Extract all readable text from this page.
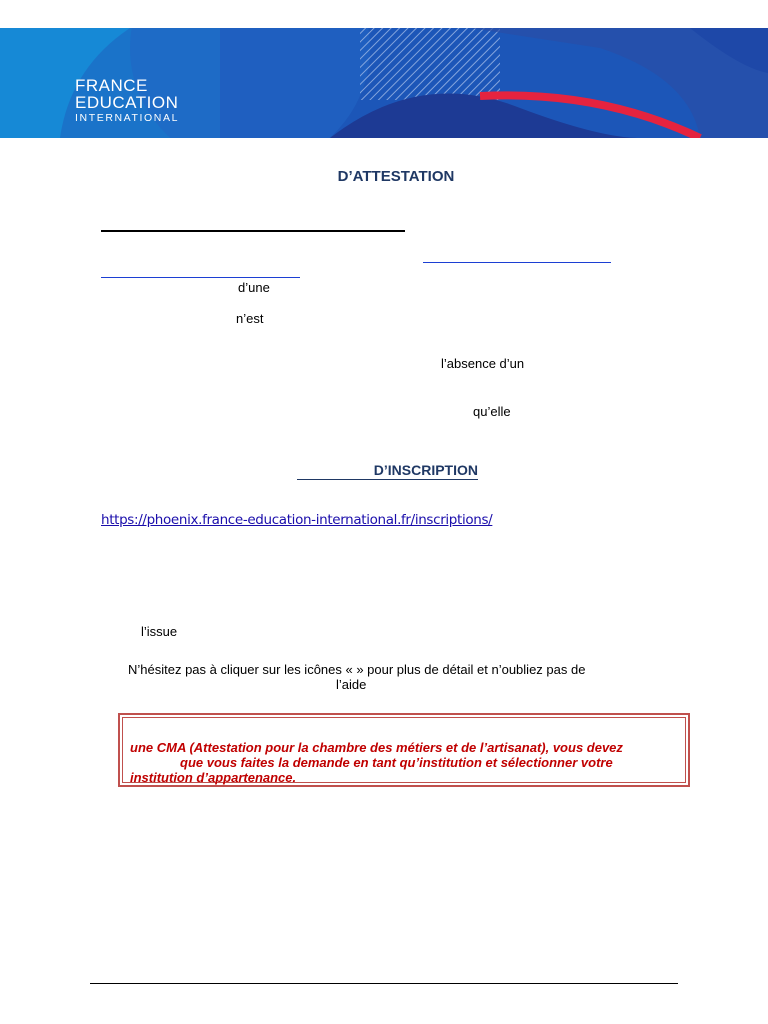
FRANCE
EDUCATION
INTERNATIONAL
D’ATTESTATION
d’une
n’est
l’absence d’un
qu’elle
D’INSCRIPTION
https://phoenix.france-education-international.fr/inscriptions/
l’issue
N’hésitez pas à cliquer sur les icônes « » pour plus de détail et n’oubliez pas de
l’aide
une CMA (Attestation pour la chambre des métiers et de l’artisanat), vous devez
que vous faites la demande en tant qu’institution et sélectionner votre
institution d’appartenance.
